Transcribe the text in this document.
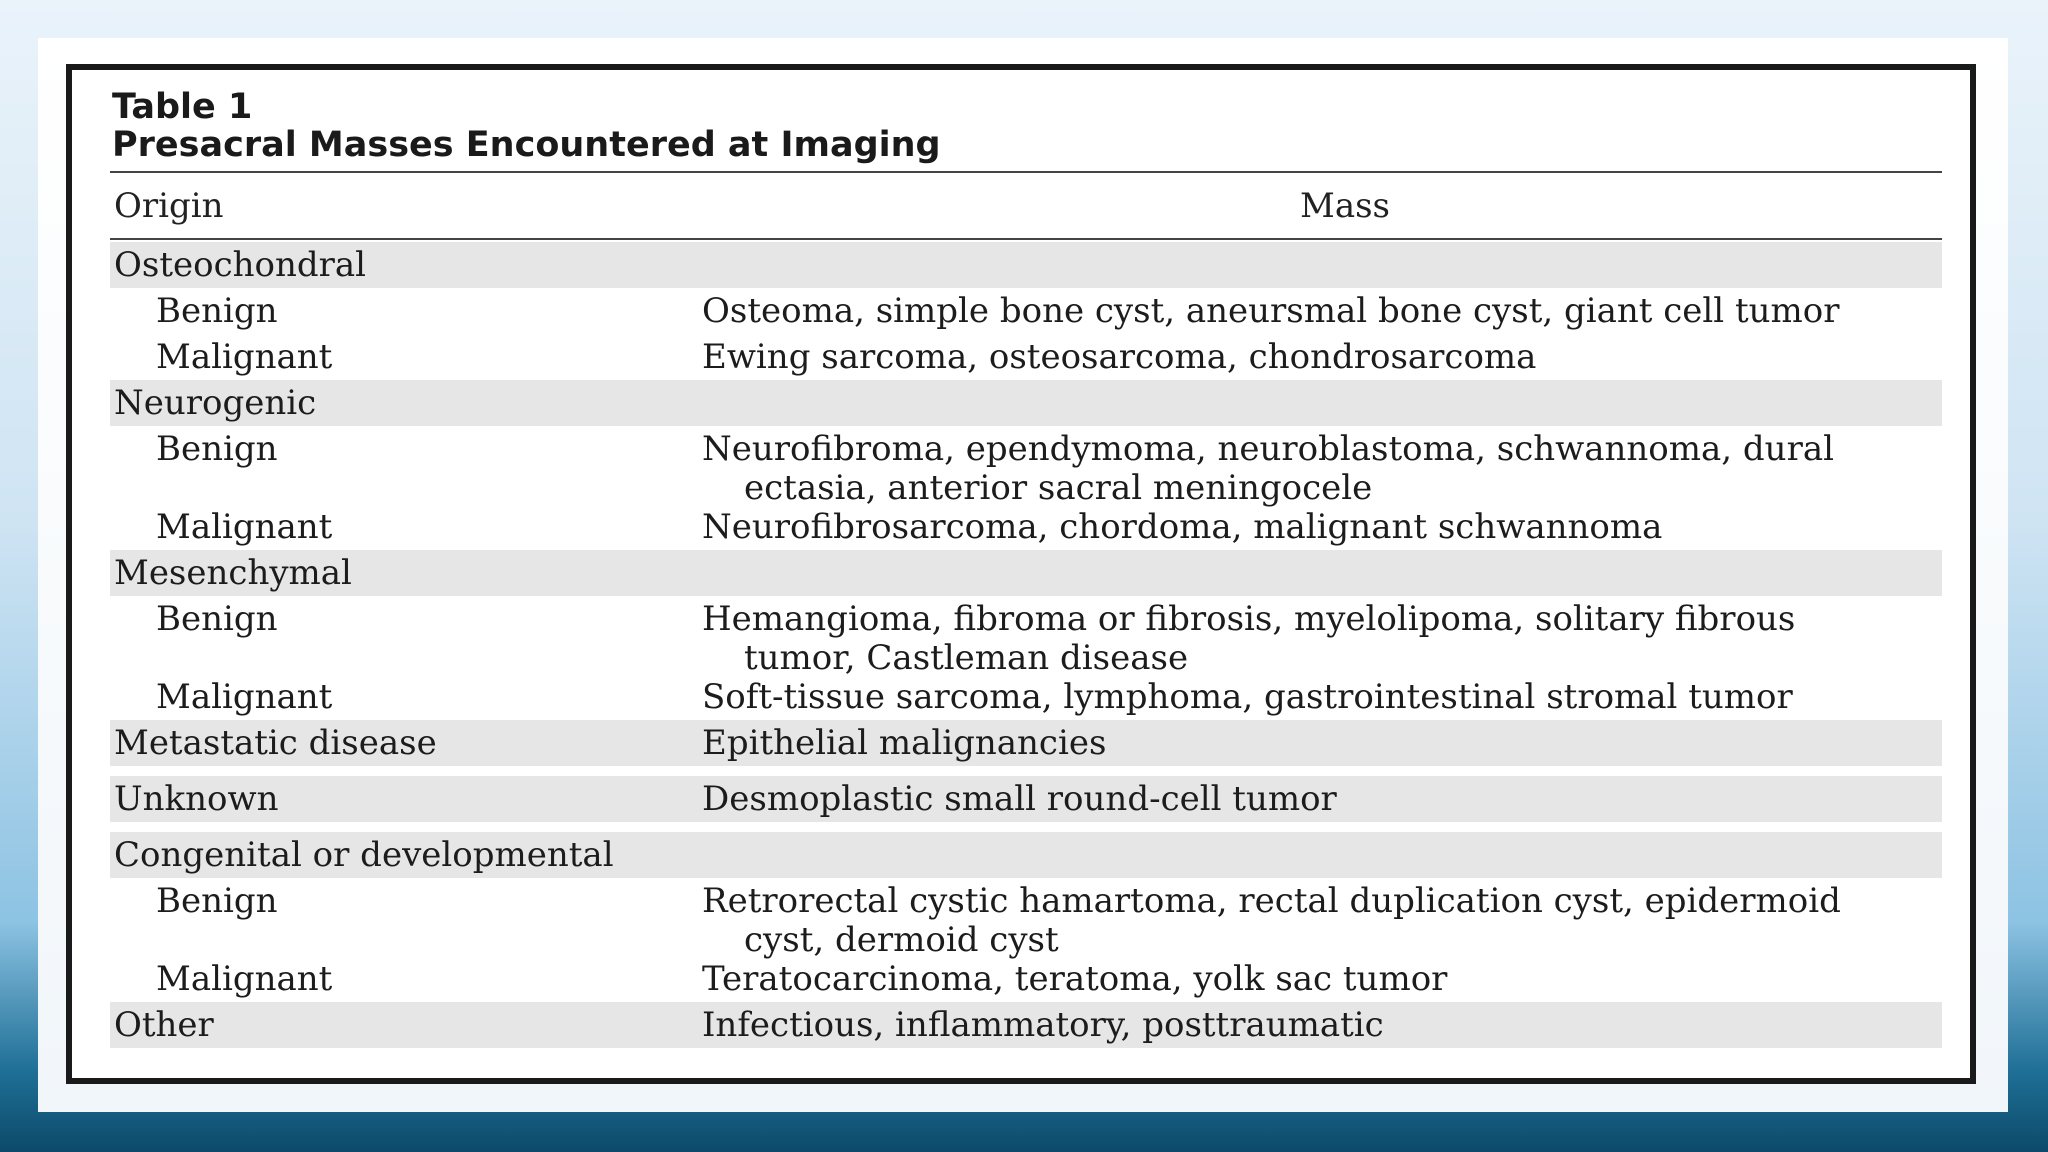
Table 1
Presacral Masses Encountered at Imaging
Origin	Mass
Osteochondral
Benign	Osteoma, simple bone cyst, aneursmal bone cyst, giant cell tumor
Malignant	Ewing sarcoma, osteosarcoma, chondrosarcoma
Neurogenic
Benign	Neurofibroma, ependymoma, neuroblastoma, schwannoma, dural ectasia, anterior sacral meningocele
Malignant	Neurofibrosarcoma, chordoma, malignant schwannoma
Mesenchymal
Benign	Hemangioma, fibroma or fibrosis, myelolipoma, solitary fibrous tumor, Castleman disease
Malignant	Soft-tissue sarcoma, lymphoma, gastrointestinal stromal tumor
Metastatic disease	Epithelial malignancies
Unknown	Desmoplastic small round-cell tumor
Congenital or developmental
Benign	Retrorectal cystic hamartoma, rectal duplication cyst, epidermoid cyst, dermoid cyst
Malignant	Teratocarcinoma, teratoma, yolk sac tumor
Other	Infectious, inflammatory, posttraumatic
